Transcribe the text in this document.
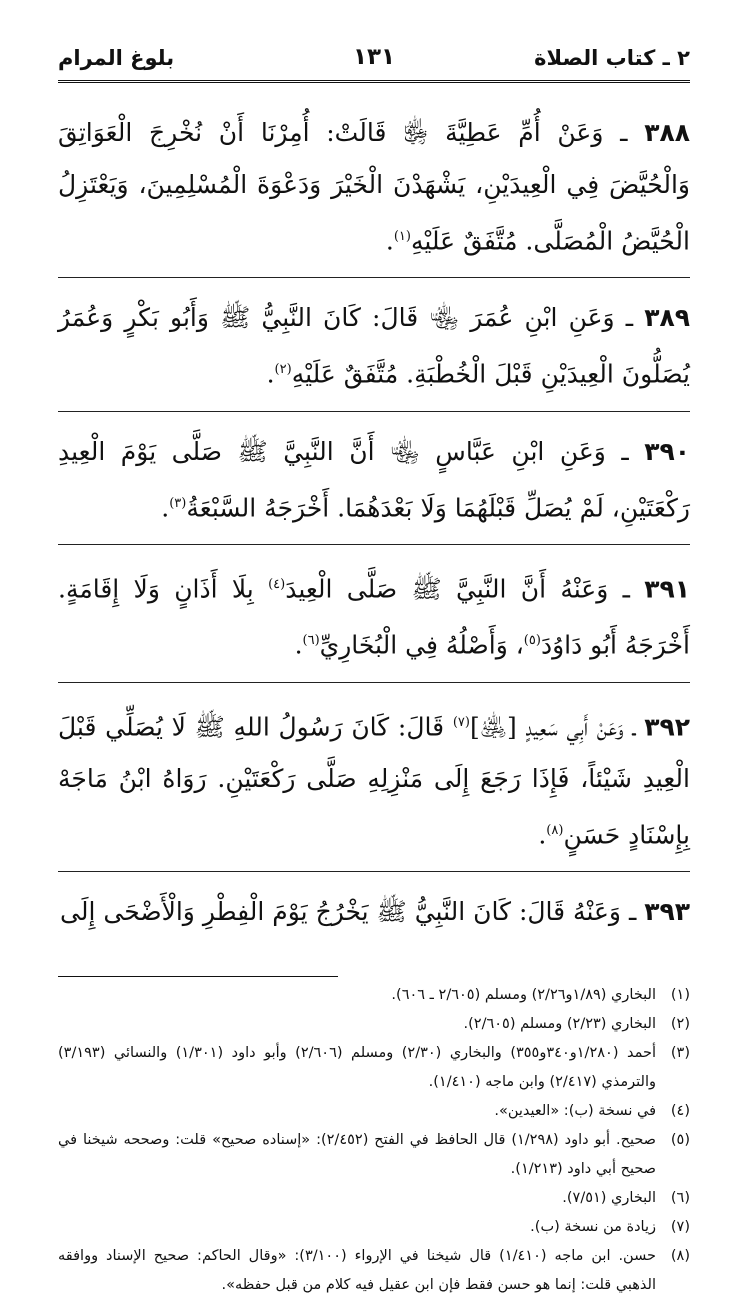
٢ ـ كتاب الصلاة
١٣١
بلوغ المرام
٣٨٨ ـ وَعَنْ أُمِّ عَطِيَّةَ ﵂ قَالَتْ: أُمِرْنَا أَنْ نُخْرِجَ الْعَوَاتِقَ وَالْحُيَّضَ فِي الْعِيدَيْنِ، يَشْهَدْنَ الْخَيْرَ وَدَعْوَةَ الْمُسْلِمِينَ، وَيَعْتَزِلُ الْحُيَّضُ الْمُصَلَّى. مُتَّفَقٌ عَلَيْهِ$^{(١)}$.
٣٨٩ ـ وَعَنِ ابْنِ عُمَرَ ﵄ قَالَ: كَانَ النَّبِيُّ ﷺ وَأَبُو بَكْرٍ وَعُمَرُ يُصَلُّونَ الْعِيدَيْنِ قَبْلَ الْخُطْبَةِ. مُتَّفَقٌ عَلَيْهِ$^{(٢)}$.
٣٩٠ ـ وَعَنِ ابْنِ عَبَّاسٍ ﵄ أَنَّ النَّبِيَّ ﷺ صَلَّى يَوْمَ الْعِيدِ رَكْعَتَيْنِ، لَمْ يُصَلِّ قَبْلَهُمَا وَلَا بَعْدَهُمَا. أَخْرَجَهُ السَّبْعَةُ$^{(٣)}$.
٣٩١ ـ وَعَنْهُ أَنَّ النَّبِيَّ ﷺ صَلَّى الْعِيدَ$^{(٤)}$ بِلَا أَذَانٍ وَلَا إِقَامَةٍ. أَخْرَجَهُ أَبُو دَاوُدَ$^{(٥)}$، وَأَصْلُهُ فِي الْبُخَارِيِّ$^{(٦)}$.
٣٩٢ ـ وَعَنْ أَبِي سَعِيدٍ [﵁]$^{(٧)}$ قَالَ: كَانَ رَسُولُ اللهِ ﷺ لَا يُصَلِّي قَبْلَ الْعِيدِ شَيْئاً، فَإِذَا رَجَعَ إِلَى مَنْزِلِهِ صَلَّى رَكْعَتَيْنِ. رَوَاهُ ابْنُ مَاجَهْ بِإِسْنَادٍ حَسَنٍ$^{(٨)}$.
٣٩٣ ـ وَعَنْهُ قَالَ: كَانَ النَّبِيُّ ﷺ يَخْرُجُ يَوْمَ الْفِطْرِ وَالْأَضْحَى إِلَى
(١)
البخاري (١/٨٩و٢/٢٦) ومسلم (٢/٦٠٥ ـ ٦٠٦).
(٢)
البخاري (٢/٢٣) ومسلم (٢/٦٠٥).
(٣)
أحمد (١/٢٨٠و٣٤٠و٣٥٥) والبخاري (٢/٣٠) ومسلم (٢/٦٠٦) وأبو داود (١/٣٠١) والنسائي (٣/١٩٣) والترمذي (٢/٤١٧) وابن ماجه (١/٤١٠).
(٤)
في نسخة (ب): «العيدين».
(٥)
صحيح. أبو داود (١/٢٩٨) قال الحافظ في الفتح (٢/٤٥٢): «إسناده صحيح» قلت: وصححه شيخنا في صحيح أبي داود (١/٢١٣).
(٦)
البخاري (٧/٥١).
(٧)
زيادة من نسخة (ب).
(٨)
حسن. ابن ماجه (١/٤١٠) قال شيخنا في الإرواء (٣/١٠٠): «وقال الحاكم: صحيح الإسناد ووافقه الذهبي قلت: إنما هو حسن فقط فإن ابن عقيل فيه كلام من قبل حفظه».
